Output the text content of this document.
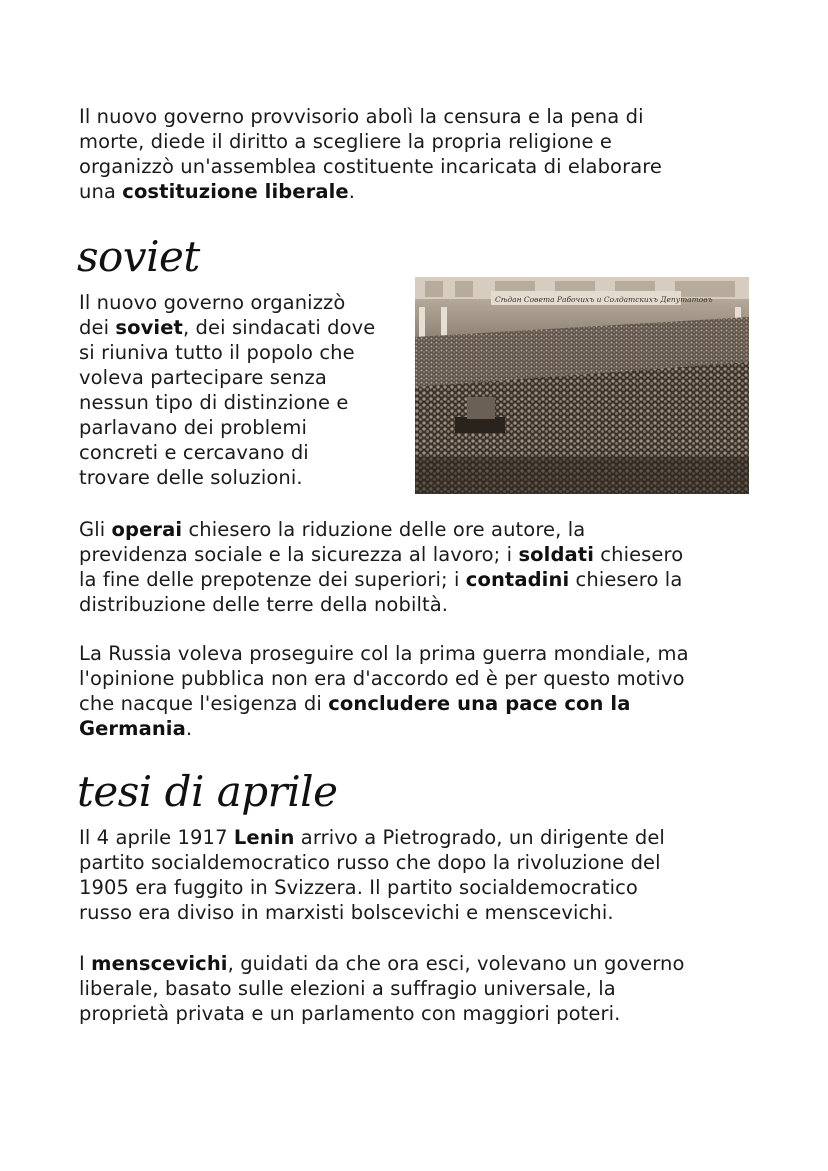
Il nuovo governo provvisorio abolì la censura e la pena di
morte, diede il diritto a scegliere la propria religione e
organizzò un'assemblea costituente incaricata di elaborare
una costituzione liberale.

soviet

Il nuovo governo organizzò
dei soviet, dei sindacati dove
si riuniva tutto il popolo che
voleva partecipare senza
nessun tipo di distinzione e
parlavano dei problemi
concreti e cercavano di
trovare delle soluzioni.

Сѣдан Совета Рабочихъ и Солдатскихъ Депутатовъ

Gli operai chiesero la riduzione delle ore autore, la
previdenza sociale e la sicurezza al lavoro; i soldati chiesero
la fine delle prepotenze dei superiori; i contadini chiesero la
distribuzione delle terre della nobiltà.

La Russia voleva proseguire col la prima guerra mondiale, ma
l'opinione pubblica non era d'accordo ed è per questo motivo
che nacque l'esigenza di concludere una pace con la
Germania.

tesi di aprile

Il 4 aprile 1917 Lenin arrivo a Pietrogrado, un dirigente del
partito socialdemocratico russo che dopo la rivoluzione del
1905 era fuggito in Svizzera. Il partito socialdemocratico
russo era diviso in marxisti bolscevichi e menscevichi.

I menscevichi, guidati da che ora esci, volevano un governo
liberale, basato sulle elezioni a suffragio universale, la
proprietà privata e un parlamento con maggiori poteri.
